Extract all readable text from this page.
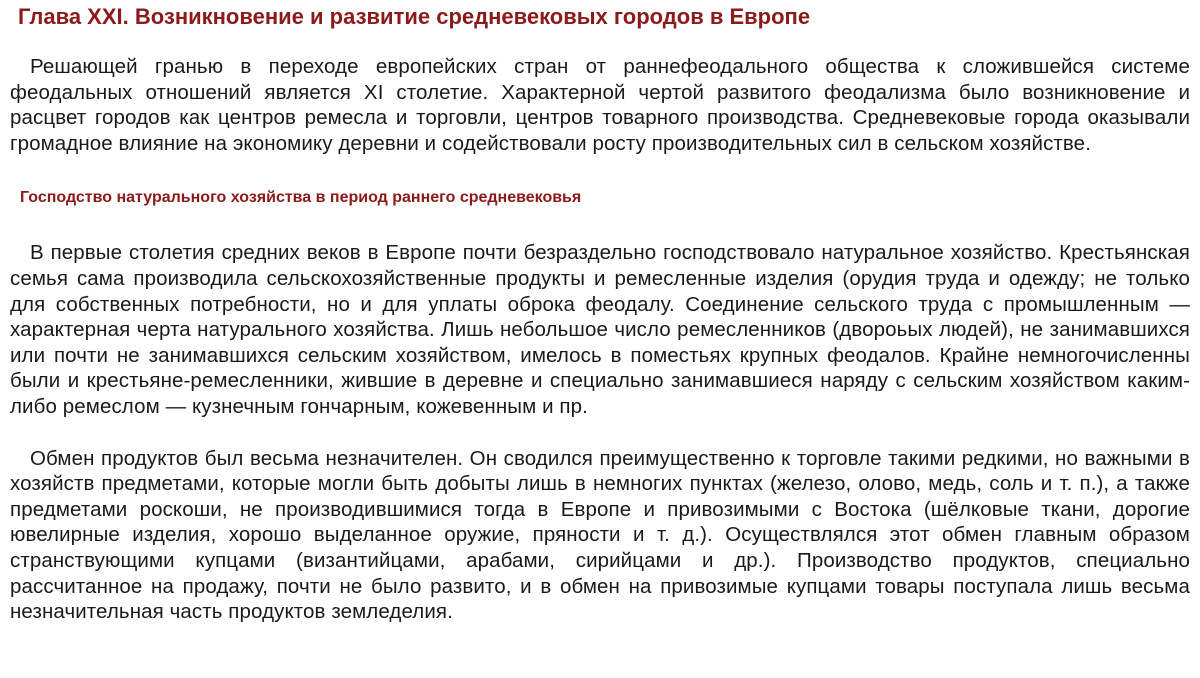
Глава XXI. Возникновение и развитие средневековых городов в Европе

Решающей гранью в переходе европейских стран от раннефеодального общества к сложившейся системе феодальных отношений является XI столетие. Характерной чертой развитого феодализма было возникновение и расцвет городов как центров ремесла и торговли, центров товарного производства. Средневековые города оказывали громадное влияние на экономику деревни и содействовали росту производительных сил в сельском хозяйстве.

Господство натурального хозяйства в период раннего средневековья

В первые столетия средних веков в Европе почти безраздельно господствовало натуральное хозяйство. Крестьянская семья сама производила сельскохозяйственные продукты и ремесленные изделия (орудия труда и одежду; не только для собственных потребности, но и для уплаты оброка феодалу. Соединение сельского труда с промышленным — характерная черта натурального хозяйства. Лишь небольшое число ремесленников (двороьых людей), не занимавшихся или почти не занимавшихся сельским хозяйством, имелось в поместьях крупных феодалов. Крайне немногочисленны были и крестьяне-ремесленники, жившие в деревне и специально занимавшиеся наряду с сельским хозяйством каким-либо ремеслом — кузнечным гончарным, кожевенным и пр.

Обмен продуктов был весьма незначителен. Он сводился преимущественно к торговле такими редкими, но важными в хозяйств предметами, которые могли быть добыты лишь в немногих пунктах (железо, олово, медь, соль и т. п.), а также предметами роскоши, не производившимися тогда в Европе и привозимыми с Востока (шёлковые ткани, дорогие ювелирные изделия, хорошо выделанное оружие, пряности и т. д.). Осуществлялся этот обмен главным образом странствующими купцами (византийцами, арабами, сирийцами и др.). Производство продуктов, специально рассчитанное на продажу, почти не было развито, и в обмен на привозимые купцами товары поступала лишь весьма незначительная часть продуктов земледелия.
